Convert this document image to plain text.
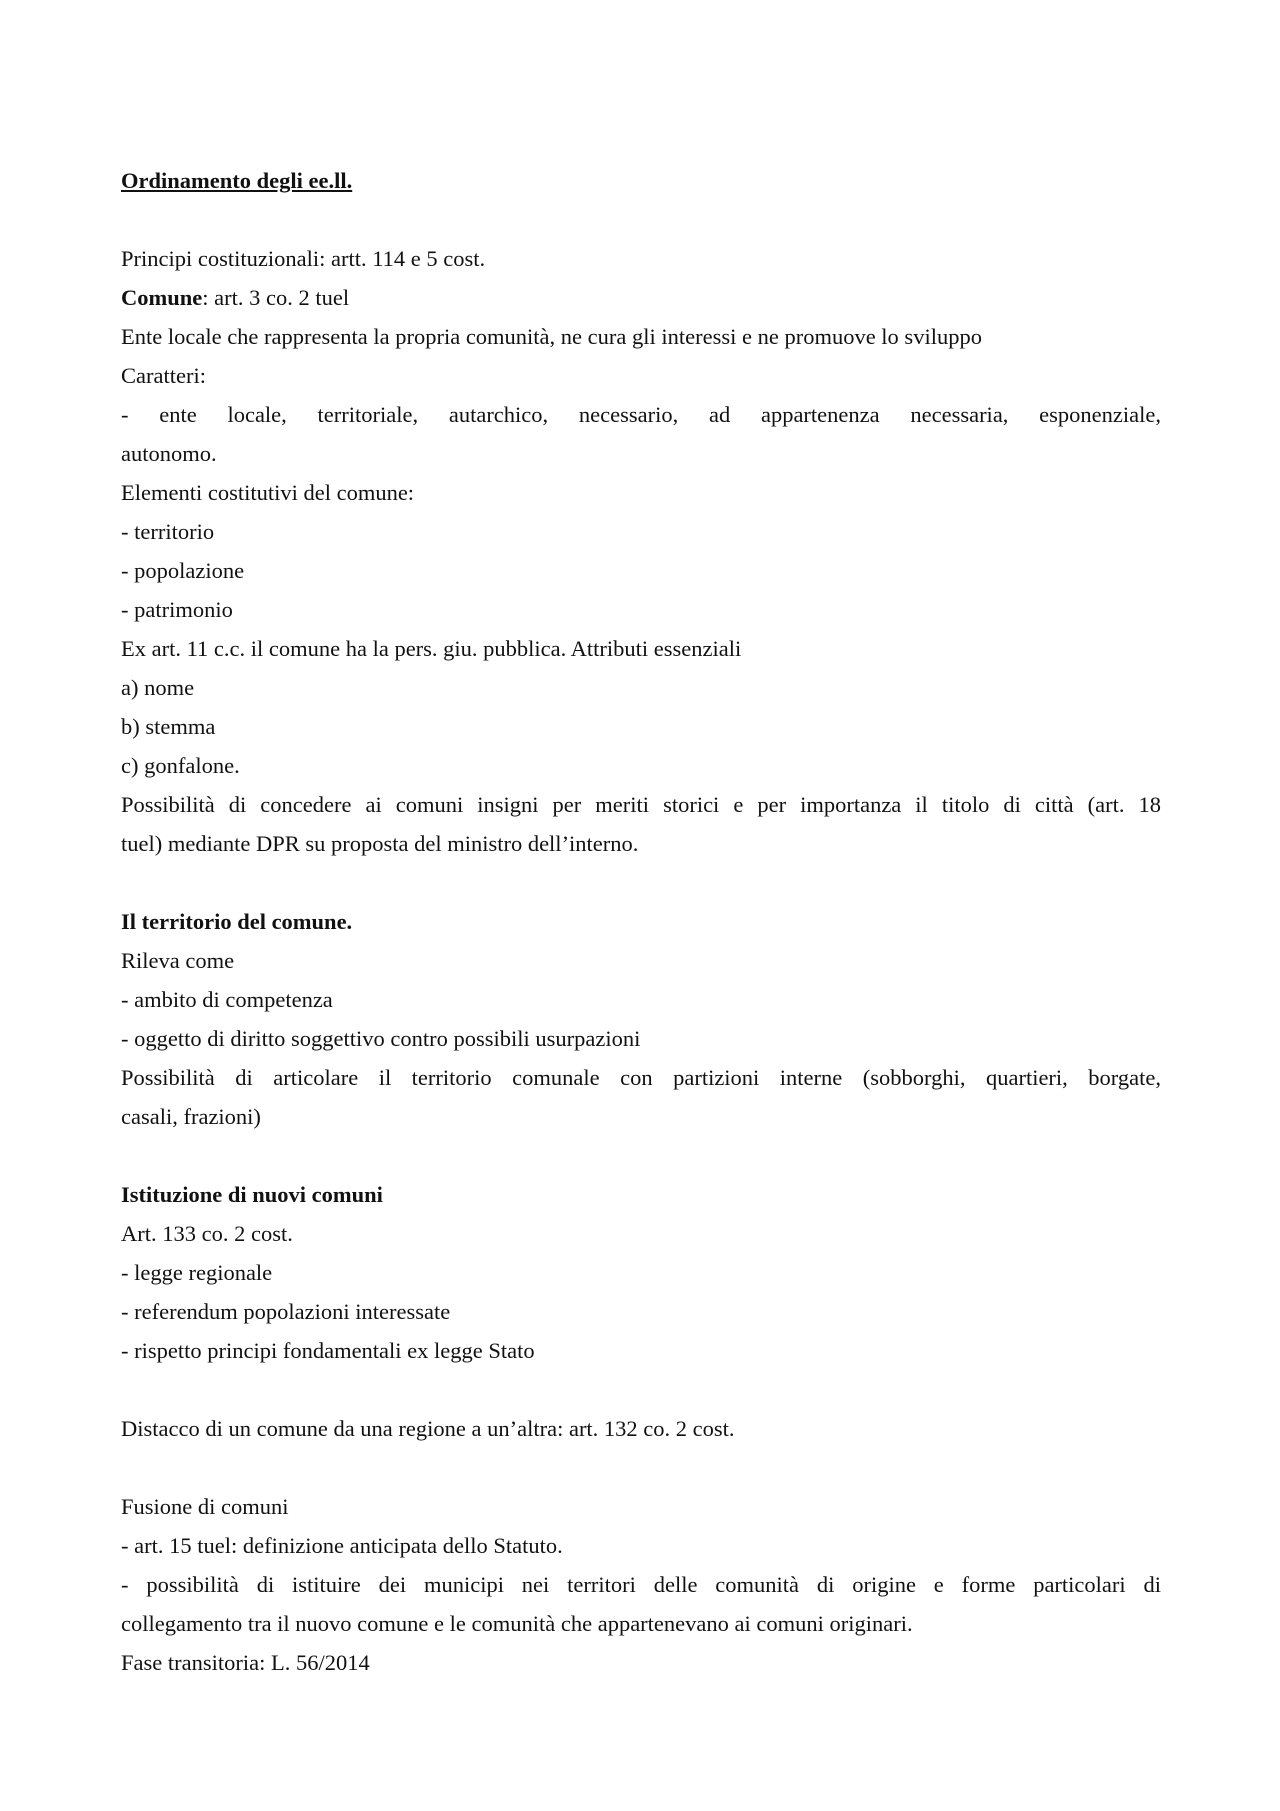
Ordinamento degli ee.ll.
Principi costituzionali: artt. 114 e 5 cost.
Comune: art. 3 co. 2 tuel
Ente locale che rappresenta la propria comunità, ne cura gli interessi e ne promuove lo sviluppo
Caratteri:
- ente locale, territoriale, autarchico, necessario, ad appartenenza necessaria, esponenziale,
autonomo.
Elementi costitutivi del comune:
- territorio
- popolazione
- patrimonio
Ex art. 11 c.c. il comune ha la pers. giu. pubblica. Attributi essenziali
a) nome
b) stemma
c) gonfalone.
Possibilità di concedere ai comuni insigni per meriti storici e per importanza il titolo di città (art. 18
tuel) mediante DPR su proposta del ministro dell’interno.
Il territorio del comune.
Rileva come
- ambito di competenza
- oggetto di diritto soggettivo contro possibili usurpazioni
Possibilità di articolare il territorio comunale con partizioni interne (sobborghi, quartieri, borgate,
casali, frazioni)
Istituzione di nuovi comuni
Art. 133 co. 2 cost.
- legge regionale
- referendum popolazioni interessate
- rispetto principi fondamentali ex legge Stato
Distacco di un comune da una regione a un’altra: art. 132 co. 2 cost.
Fusione di comuni
- art. 15 tuel: definizione anticipata dello Statuto.
- possibilità di istituire dei municipi nei territori delle comunità di origine e forme particolari di
collegamento tra il nuovo comune e le comunità che appartenevano ai comuni originari.
Fase transitoria: L. 56/2014
